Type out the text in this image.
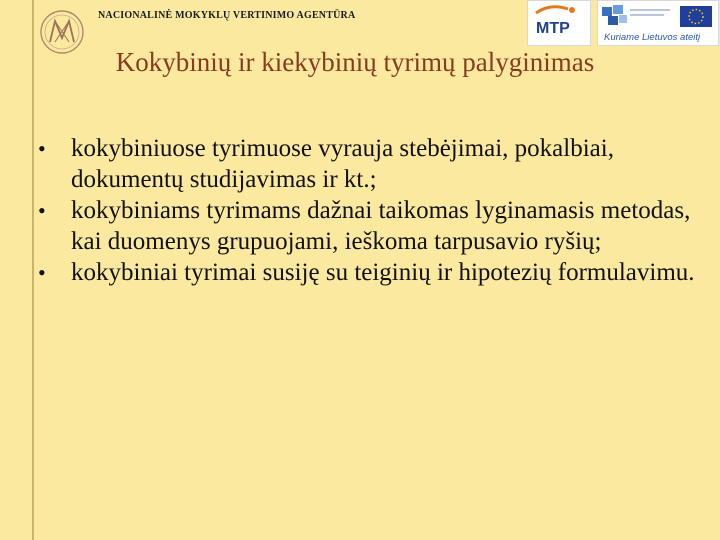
NACIONALINĖ MOKYKLŲ VERTINIMO AGENTŪRA
MTP
Kuriame Lietuvos ateitį
Kokybinių ir kiekybinių tyrimų palyginimas
• kokybiniuose tyrimuose vyrauja stebėjimai, pokalbiai, dokumentų studijavimas ir kt.;
• kokybiniams tyrimams dažnai taikomas lyginamasis metodas, kai duomenys grupuojami, ieškoma tarpusavio ryšių;
• kokybiniai tyrimai susiję su teiginių ir hipotezių formulavimu.
